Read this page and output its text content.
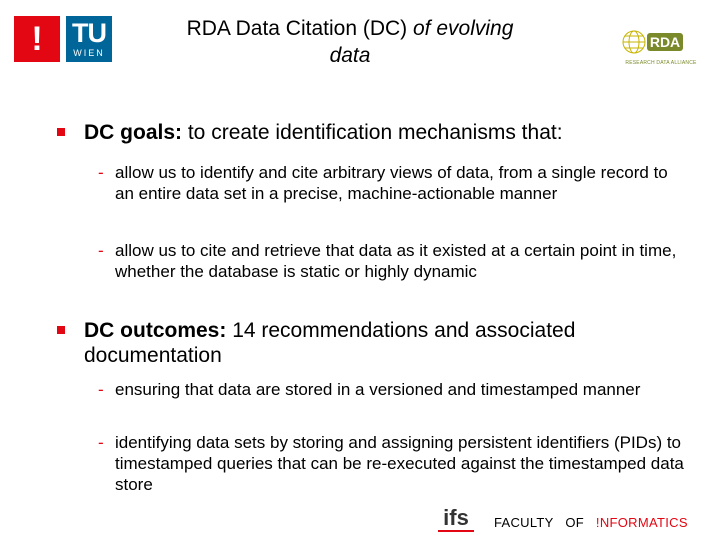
! TU
WIEN
RDA Data Citation (DC) of evolving
data
RDA
RESEARCH DATA ALLIANCE
DC goals: to create identification mechanisms that:
- allow us to identify and cite arbitrary views of data, from a single record to an entire data set in a precise, machine-actionable manner
- allow us to cite and retrieve that data as it existed at a certain point in time, whether the database is static or highly dynamic
DC outcomes: 14 recommendations and associated documentation
- ensuring that data are stored in a versioned and timestamped manner
- identifying data sets by storing and assigning persistent identifiers (PIDs) to timestamped queries that can be re-executed against the timestamped data store
ifs FACULTY OF !NFORMATICS
